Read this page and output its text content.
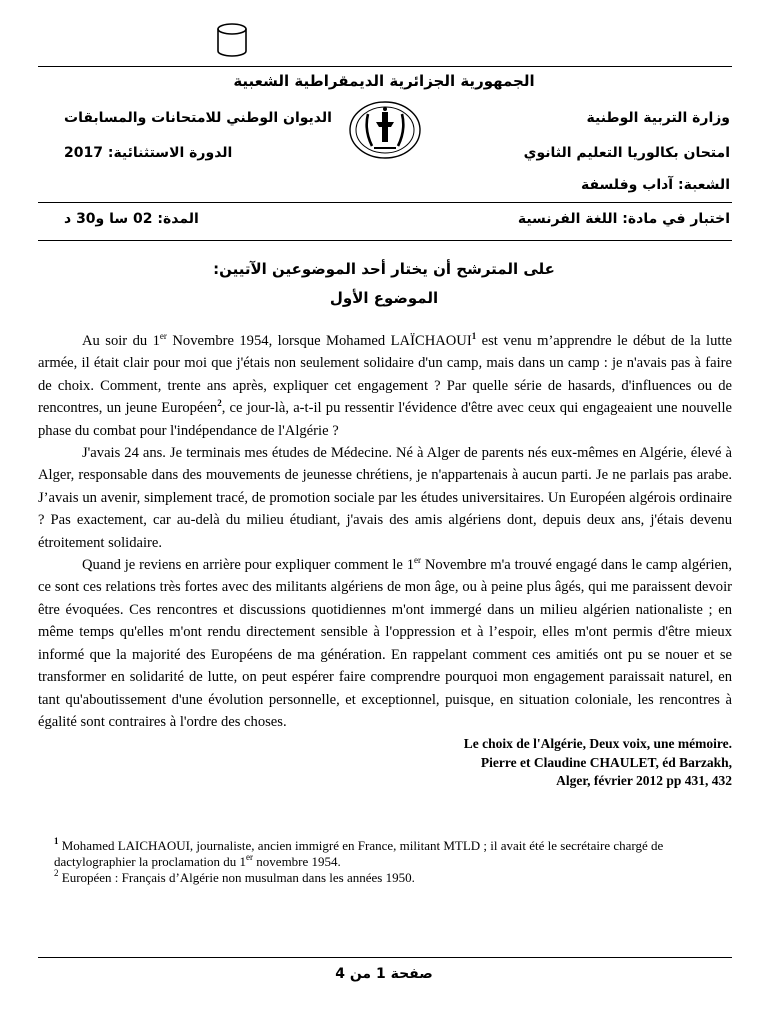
الجمهورية الجزائرية الديمقراطية الشعبية
وزارة التربية الوطنية
الديوان الوطني للامتحانات والمسابقات
امتحان بكالوريا التعليم الثانوي
الدورة الاستثنائية: 2017
الشعبة: آداب وفلسفة
اختبار في مادة: اللغة الفرنسية
المدة: 02 سا و30 د
على المترشح أن يختار أحد الموضوعين الآتيين:
الموضوع الأول

Au soir du 1er Novembre 1954, lorsque Mohamed LAÏCHAOUI$^1$ est venu m’apprendre le début de la lutte armée, il était clair pour moi que j'étais non seulement solidaire d'un camp, mais dans un camp : je n'avais pas à faire de choix. Comment, trente ans après, expliquer cet engagement ? Par quelle série de hasards, d'influences ou de rencontres, un jeune Européen$^2$, ce jour-là, a-t-il pu ressentir l'évidence d'être avec ceux qui engageaient une nouvelle phase du combat pour l'indépendance de l'Algérie ?

J'avais 24 ans. Je terminais mes études de Médecine. Né à Alger de parents nés eux-mêmes en Algérie, élevé à Alger, responsable dans des mouvements de jeunesse chrétiens, je n'appartenais à aucun parti. Je ne parlais pas arabe. J’avais un avenir, simplement tracé, de promotion sociale par les études universitaires. Un Européen algérois ordinaire ? Pas exactement, car au-delà du milieu étudiant, j'avais des amis algériens dont, depuis deux ans, j'étais devenu étroitement solidaire.

Quand je reviens en arrière pour expliquer comment le 1er Novembre m'a trouvé engagé dans le camp algérien, ce sont ces relations très fortes avec des militants algériens de mon âge, ou à peine plus âgés, qui me paraissent devoir être évoquées. Ces rencontres et discussions quotidiennes m'ont immergé dans un milieu algérien nationaliste ; en même temps qu'elles m'ont rendu directement sensible à l'oppression et à l’espoir, elles m'ont permis d'être mieux informé que la majorité des Européens de ma génération. En rappelant comment ces amitiés ont pu se nouer et se transformer en solidarité de lutte, on peut espérer faire comprendre pourquoi mon engagement paraissait naturel, en tant qu'aboutissement d'une évolution personnelle, et exceptionnel, puisque, en situation coloniale, les rencontres à égalité sont contraires à l'ordre des choses.

Le choix de l'Algérie, Deux voix, une mémoire.
Pierre et Claudine CHAULET, éd Barzakh,
Alger, février 2012 pp 431, 432
$^1$ Mohamed LAICHAOUI, journaliste, ancien immigré en France, militant MTLD ; il avait été le secrétaire chargé de dactylographier la proclamation du 1er novembre 1954.
$^2$ Européen : Français d’Algérie non musulman dans les années 1950.
صفحة 1 من 4
